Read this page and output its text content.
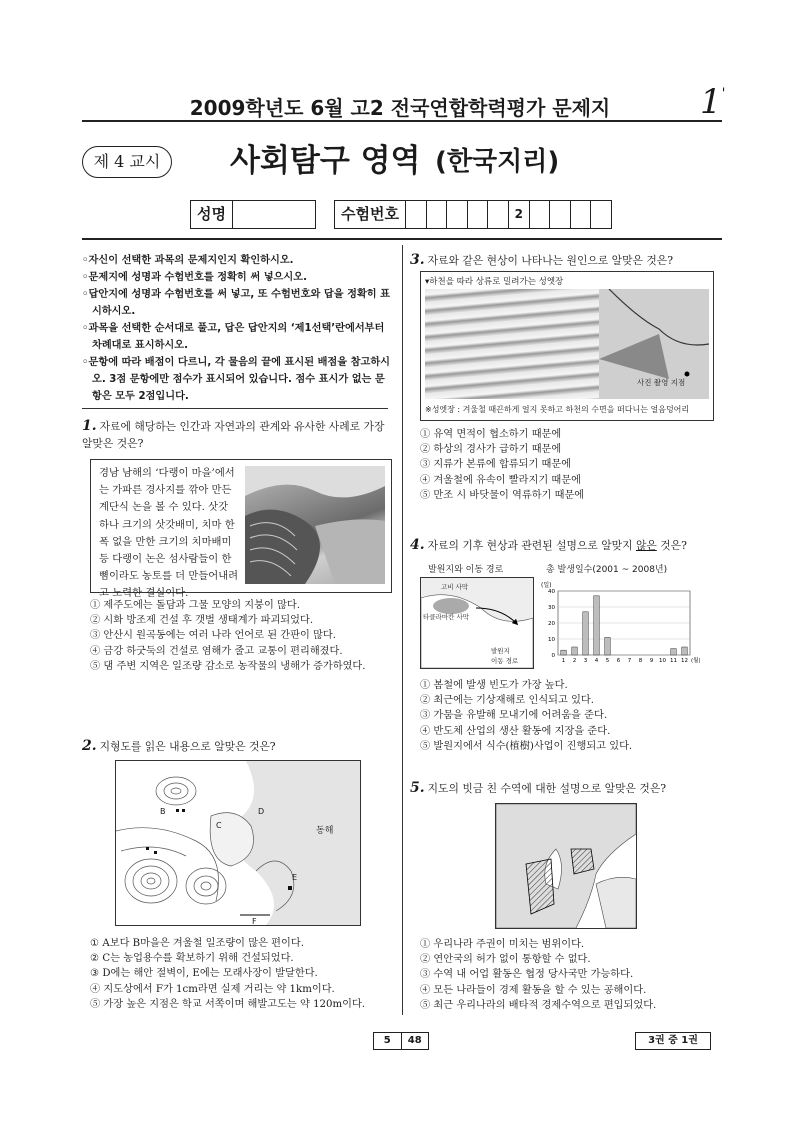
2009학년도 6월 고2 전국연합학력평가 문제지	1 '
제 4 교시	사회탐구 영역 (한국지리)
성명	수험번호	2
◦자신이 선택한 과목의 문제지인지 확인하시오.
◦문제지에 성명과 수험번호를 정확히 써 넣으시오.
◦답안지에 성명과 수험번호를 써 넣고, 또 수험번호와 답을 정확히 표시하시오.
◦과목을 선택한 순서대로 풀고, 답은 답안지의 ‘제1선택’란에서부터 차례대로 표시하시오.
◦문항에 따라 배점이 다르니, 각 물음의 끝에 표시된 배점을 참고하시오. 3점 문항에만 점수가 표시되어 있습니다. 점수 표시가 없는 문항은 모두 2점입니다.
1. 자료에 해당하는 인간과 자연과의 관계와 유사한 사례로 가장 알맞은 것은?
경남 남해의 ‘다랭이 마을’에서는 가파른 경사지를 깎아 만든 계단식 논을 볼 수 있다. 삿갓 하나 크기의 삿갓배미, 치마 한 폭 없을 만한 크기의 치마배미 등 다랭이 논은 섬사람들이 한 뼘이라도 농토를 더 만들어내려고 노력한 결실이다.
① 제주도에는 돌담과 그물 모양의 지붕이 많다.
② 시화 방조제 건설 후 갯벌 생태계가 파괴되었다.
③ 안산시 원곡동에는 여러 나라 언어로 된 간판이 많다.
④ 금강 하굿둑의 건설로 염해가 줄고 교통이 편리해졌다.
⑤ 댐 주변 지역은 일조량 감소로 농작물의 냉해가 증가하였다.
2. 지형도를 읽은 내용으로 알맞은 것은?
B
C
D
E
F
동해
① A보다 B마을은 겨울철 일조량이 많은 편이다.
② C는 농업용수를 확보하기 위해 건설되었다.
③ D에는 해안 절벽이, E에는 모래사장이 발달한다.
④ 지도상에서 F가 1cm라면 실제 거리는 약 1km이다.
⑤ 가장 높은 지점은 학교 서쪽이며 해발고도는 약 120m이다.
3. 자료와 같은 현상이 나타나는 원인으로 알맞은 것은?
▾하천을 따라 상류로 밀려가는 성엣장
사진 촬영 지점
※성엣장 : 겨울철 때끈하게 얼지 못하고 하천의 수면을 떠다니는 얼음덩어리
① 유역 면적이 협소하기 때문에
② 하상의 경사가 급하기 때문에
③ 지류가 본류에 합류되기 때문에
④ 겨울철에 유속이 빨라지기 때문에
⑤ 만조 시 바닷물이 역류하기 때문에
4. 자료의 기후 현상과 관련된 설명으로 알맞지 않은 것은?
발원지와 이동 경로	총 발생일수(2001 ~ 2008년)
고비 사막
타클라마칸 사막
발원지
이동 경로
(일)
0
10
20
30
40
1 2 3 4 5 6 7 8 9 10 11 12 (월)
① 봄철에 발생 빈도가 가장 높다.
② 최근에는 기상재해로 인식되고 있다.
③ 가뭄을 유발해 모내기에 어려움을 준다.
④ 반도체 산업의 생산 활동에 지장을 준다.
⑤ 발원지에서 식수(植樹)사업이 진행되고 있다.
5. 지도의 빗금 친 수역에 대한 설명으로 알맞은 것은?
① 우리나라 주권이 미치는 범위이다.
② 연안국의 허가 없이 통항할 수 없다.
③ 수역 내 어업 활동은 협정 당사국만 가능하다.
④ 모든 나라들이 경제 활동을 할 수 있는 공해이다.
⑤ 최근 우리나라의 배타적 경제수역으로 편입되었다.
5	48	3권 중 1권
